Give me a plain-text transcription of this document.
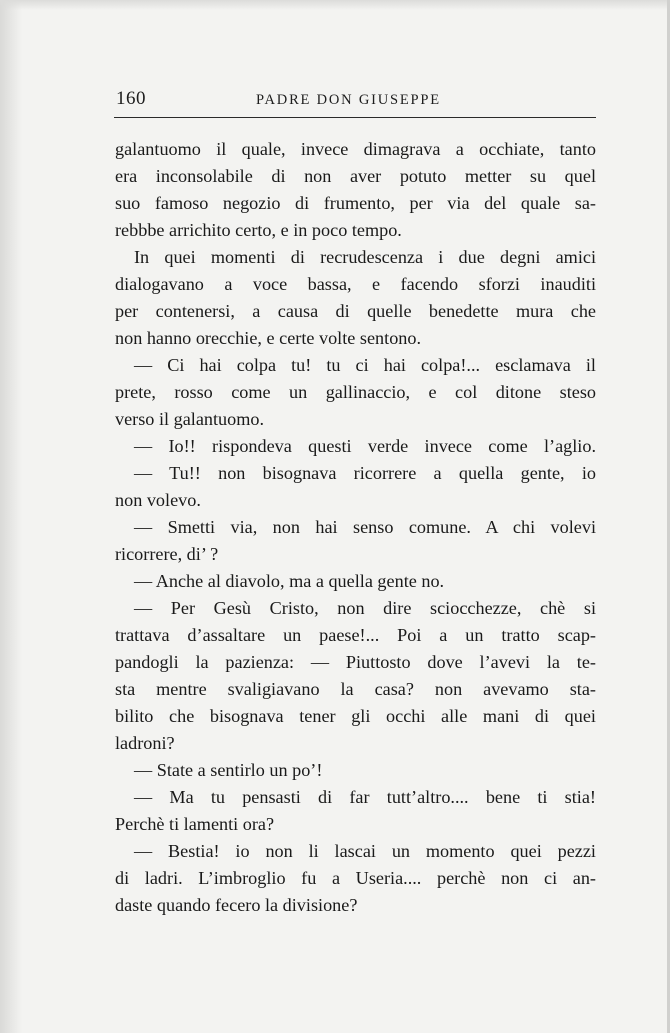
160	PADRE DON GIUSEPPE
galantuomo il quale, invece dimagrava a occhiate, tanto
era inconsolabile di non aver potuto metter su quel
suo famoso negozio di frumento, per via del quale sa-
rebbbe arrichito certo, e in poco tempo.
In quei momenti di recrudescenza i due degni amici
dialogavano a voce bassa, e facendo sforzi inauditi
per contenersi, a causa di quelle benedette mura che
non hanno orecchie, e certe volte sentono.
— Ci hai colpa tu! tu ci hai colpa!... esclamava il
prete, rosso come un gallinaccio, e col ditone steso
verso il galantuomo.
— Io!! rispondeva questi verde invece come l’aglio.
— Tu!! non bisognava ricorrere a quella gente, io
non volevo.
— Smetti via, non hai senso comune. A chi volevi
ricorrere, di’ ?
— Anche al diavolo, ma a quella gente no.
— Per Gesù Cristo, non dire sciocchezze, chè si
trattava d’assaltare un paese!... Poi a un tratto scap-
pandogli la pazienza: — Piuttosto dove l’avevi la te-
sta mentre svaligiavano la casa? non avevamo sta-
bilito che bisognava tener gli occhi alle mani di quei
ladroni?
— State a sentirlo un po’!
— Ma tu pensasti di far tutt’altro.... bene ti stia!
Perchè ti lamenti ora?
— Bestia! io non li lascai un momento quei pezzi
di ladri. L’imbroglio fu a Useria.... perchè non ci an-
daste quando fecero la divisione?
